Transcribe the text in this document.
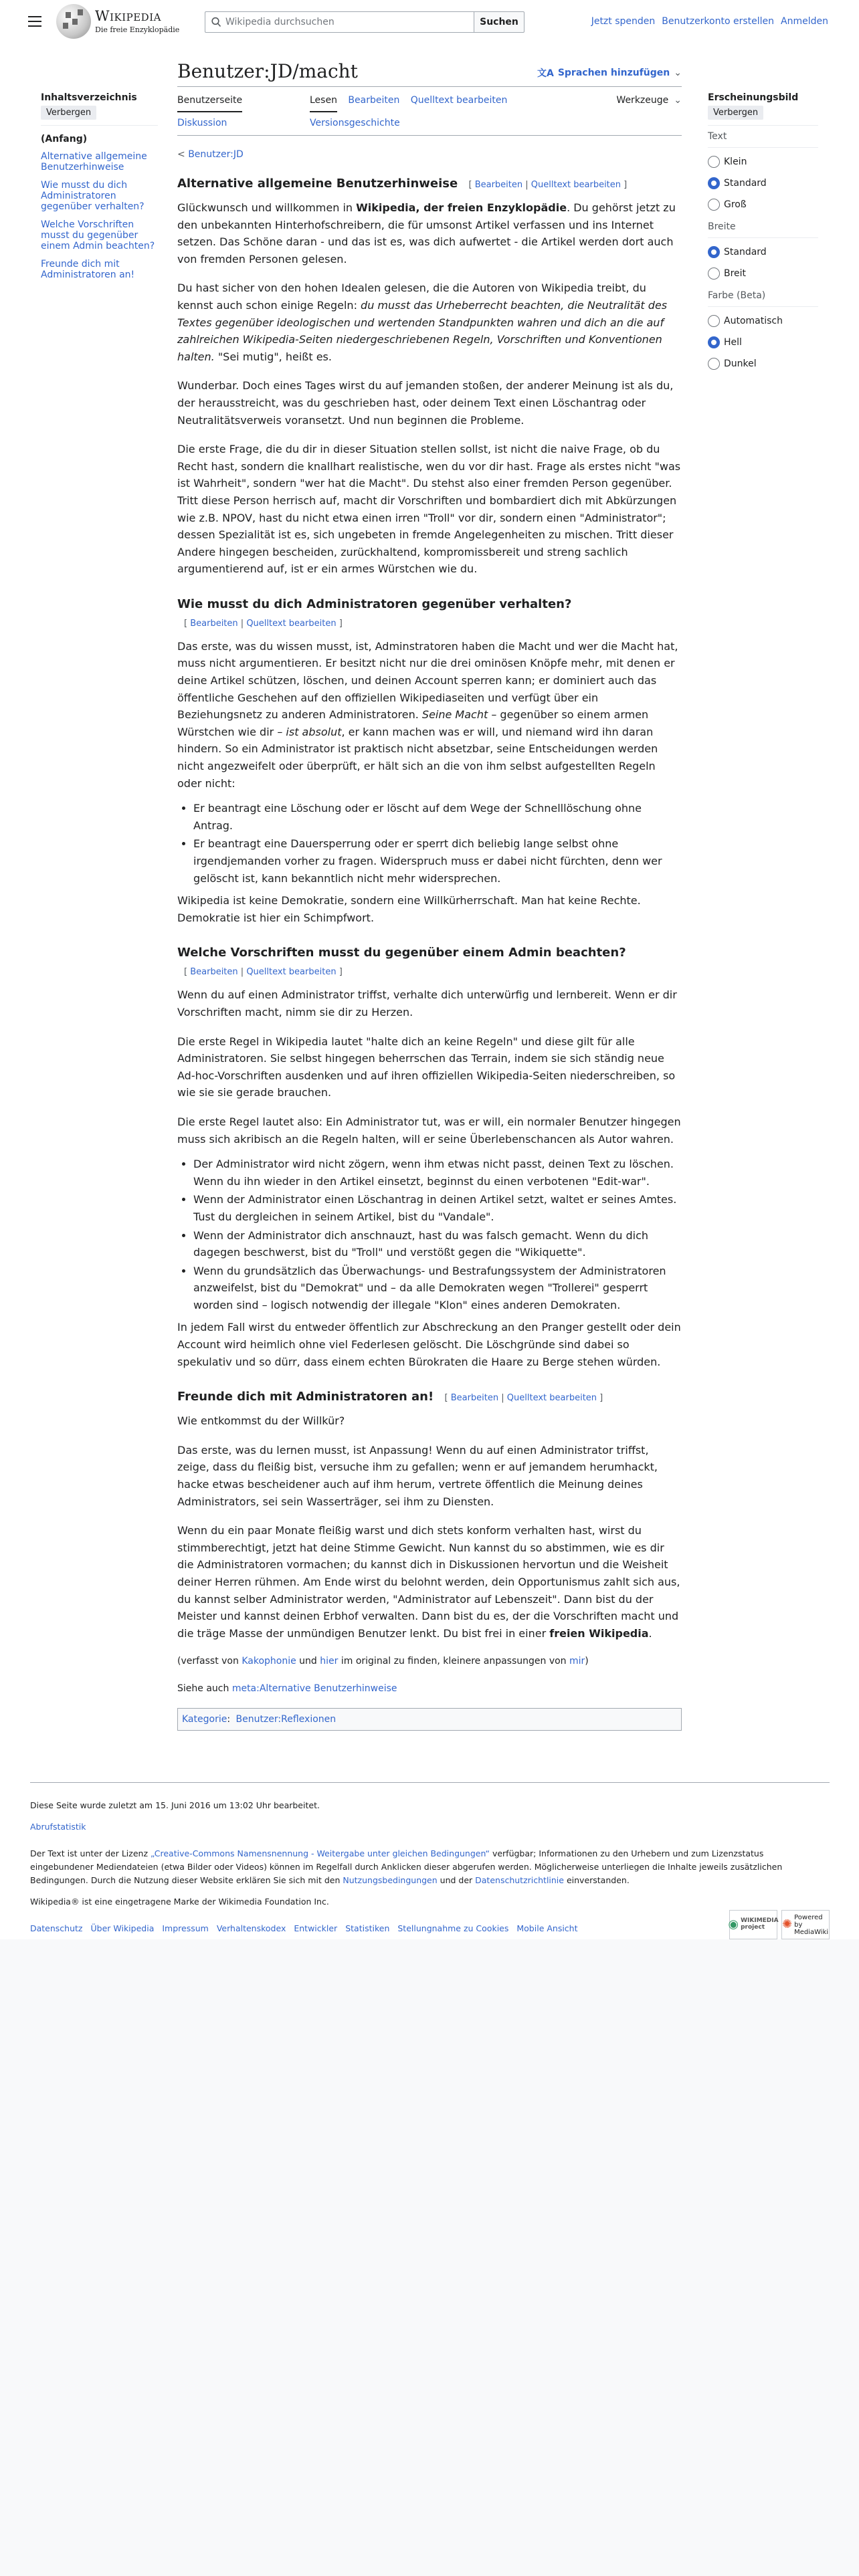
Wikipedia
Die freie Enzyklopädie
Wikipedia durchsuchen	Suchen	Jetzt spenden Benutzerkonto erstellen Anmelden
Inhaltsverzeichnis
Verbergen
(Anfang)
Alternative allgemeine Benutzerhinweise
Wie musst du dich Administratoren gegenüber verhalten?
Welche Vorschriften musst du gegenüber einem Admin beachten?
Freunde dich mit Administratoren an!
Erscheinungsbild
Verbergen
Text
Klein
Standard
Groß
Breite
Standard
Breit
Farbe (Beta)
Automatisch
Hell
Dunkel
Benutzer:JD/macht	文A Sprachen hinzufügen ⌄
Benutzerseite	Lesen Bearbeiten Quelltext bearbeiten	Werkzeuge ⌄
Diskussion	Versionsgeschichte
< Benutzer:JD
Alternative allgemeine Benutzerhinweise [ Bearbeiten | Quelltext bearbeiten ]

Glückwunsch und willkommen in Wikipedia, der freien Enzyklopädie. Du gehörst jetzt zu den unbekannten Hinterhofschreibern, die für umsonst Artikel verfassen und ins Internet setzen. Das Schöne daran - und das ist es, was dich aufwertet - die Artikel werden dort auch von fremden Personen gelesen.

Du hast sicher von den hohen Idealen gelesen, die die Autoren von Wikipedia treibt, du kennst auch schon einige Regeln: du musst das Urheberrecht beachten, die Neutralität des Textes gegenüber ideologischen und wertenden Standpunkten wahren und dich an die auf zahlreichen Wikipedia-Seiten niedergeschriebenen Regeln, Vorschriften und Konventionen halten. "Sei mutig", heißt es.

Wunderbar. Doch eines Tages wirst du auf jemanden stoßen, der anderer Meinung ist als du, der herausstreicht, was du geschrieben hast, oder deinem Text einen Löschantrag oder Neutralitätsverweis voransetzt. Und nun beginnen die Probleme.

Die erste Frage, die du dir in dieser Situation stellen sollst, ist nicht die naive Frage, ob du Recht hast, sondern die knallhart realistische, wen du vor dir hast. Frage als erstes nicht "was ist Wahrheit", sondern "wer hat die Macht". Du stehst also einer fremden Person gegenüber. Tritt diese Person herrisch auf, macht dir Vorschriften und bombardiert dich mit Abkürzungen wie z.B. NPOV, hast du nicht etwa einen irren "Troll" vor dir, sondern einen "Administrator"; dessen Spezialität ist es, sich ungebeten in fremde Angelegenheiten zu mischen. Tritt dieser Andere hingegen bescheiden, zurückhaltend, kompromissbereit und streng sachlich argumentierend auf, ist er ein armes Würstchen wie du.

Wie musst du dich Administratoren gegenüber verhalten? [ Bearbeiten | Quelltext bearbeiten ]

Das erste, was du wissen musst, ist, Adminstratoren haben die Macht und wer die Macht hat, muss nicht argumentieren. Er besitzt nicht nur die drei ominösen Knöpfe mehr, mit denen er deine Artikel schützen, löschen, und deinen Account sperren kann; er dominiert auch das öffentliche Geschehen auf den offiziellen Wikipediaseiten und verfügt über ein Beziehungsnetz zu anderen Administratoren. Seine Macht – gegenüber so einem armen Würstchen wie dir – ist absolut, er kann machen was er will, und niemand wird ihn daran hindern. So ein Administrator ist praktisch nicht absetzbar, seine Entscheidungen werden nicht angezweifelt oder überprüft, er hält sich an die von ihm selbst aufgestellten Regeln oder nicht:

• Er beantragt eine Löschung oder er löscht auf dem Wege der Schnelllöschung ohne Antrag.
• Er beantragt eine Dauersperrung oder er sperrt dich beliebig lange selbst ohne irgendjemanden vorher zu fragen. Widerspruch muss er dabei nicht fürchten, denn wer gelöscht ist, kann bekanntlich nicht mehr widersprechen.

Wikipedia ist keine Demokratie, sondern eine Willkürherrschaft. Man hat keine Rechte. Demokratie ist hier ein Schimpfwort.

Welche Vorschriften musst du gegenüber einem Admin beachten? [ Bearbeiten | Quelltext bearbeiten ]

Wenn du auf einen Administrator triffst, verhalte dich unterwürfig und lernbereit. Wenn er dir Vorschriften macht, nimm sie dir zu Herzen.

Die erste Regel in Wikipedia lautet "halte dich an keine Regeln" und diese gilt für alle Administratoren. Sie selbst hingegen beherrschen das Terrain, indem sie sich ständig neue Ad-hoc-Vorschriften ausdenken und auf ihren offiziellen Wikipedia-Seiten niederschreiben, so wie sie sie gerade brauchen.

Die erste Regel lautet also: Ein Administrator tut, was er will, ein normaler Benutzer hingegen muss sich akribisch an die Regeln halten, will er seine Überlebenschancen als Autor wahren.

• Der Administrator wird nicht zögern, wenn ihm etwas nicht passt, deinen Text zu löschen. Wenn du ihn wieder in den Artikel einsetzt, beginnst du einen verbotenen "Edit-war".
• Wenn der Administrator einen Löschantrag in deinen Artikel setzt, waltet er seines Amtes. Tust du dergleichen in seinem Artikel, bist du "Vandale".
• Wenn der Administrator dich anschnauzt, hast du was falsch gemacht. Wenn du dich dagegen beschwerst, bist du "Troll" und verstößt gegen die "Wikiquette".
• Wenn du grundsätzlich das Überwachungs- und Bestrafungssystem der Administratoren anzweifelst, bist du "Demokrat" und – da alle Demokraten wegen "Trollerei" gesperrt worden sind – logisch notwendig der illegale "Klon" eines anderen Demokraten.

In jedem Fall wirst du entweder öffentlich zur Abschreckung an den Pranger gestellt oder dein Account wird heimlich ohne viel Federlesen gelöscht. Die Löschgründe sind dabei so spekulativ und so dürr, dass einem echten Bürokraten die Haare zu Berge stehen würden.

Freunde dich mit Administratoren an! [ Bearbeiten | Quelltext bearbeiten ]

Wie entkommst du der Willkür?

Das erste, was du lernen musst, ist Anpassung! Wenn du auf einen Administrator triffst, zeige, dass du fleißig bist, versuche ihm zu gefallen; wenn er auf jemandem herumhackt, hacke etwas bescheidener auch auf ihm herum, vertrete öffentlich die Meinung deines Administrators, sei sein Wasserträger, sei ihm zu Diensten.

Wenn du ein paar Monate fleißig warst und dich stets konform verhalten hast, wirst du stimmberechtigt, jetzt hat deine Stimme Gewicht. Nun kannst du so abstimmen, wie es dir die Administratoren vormachen; du kannst dich in Diskussionen hervortun und die Weisheit deiner Herren rühmen. Am Ende wirst du belohnt werden, dein Opportunismus zahlt sich aus, du kannst selber Administrator werden, "Administrator auf Lebenszeit". Dann bist du der Meister und kannst deinen Erbhof verwalten. Dann bist du es, der die Vorschriften macht und die träge Masse der unmündigen Benutzer lenkt. Du bist frei in einer freien Wikipedia.

(verfasst von Kakophonie und hier im original zu finden, kleinere anpassungen von mir)

Siehe auch meta:Alternative Benutzerhinweise

Kategorie: Benutzer:Reflexionen

Diese Seite wurde zuletzt am 15. Juni 2016 um 13:02 Uhr bearbeitet.

Abrufstatistik

Der Text ist unter der Lizenz „Creative-Commons Namensnennung - Weitergabe unter gleichen Bedingungen“ verfügbar; Informationen zu den Urhebern und zum Lizenzstatus eingebundener Mediendateien (etwa Bilder oder Videos) können im Regelfall durch Anklicken dieser abgerufen werden. Möglicherweise unterliegen die Inhalte jeweils zusätzlichen Bedingungen. Durch die Nutzung dieser Website erklären Sie sich mit den Nutzungsbedingungen und der Datenschutzrichtlinie einverstanden.

Wikipedia® ist eine eingetragene Marke der Wikimedia Foundation Inc.

Datenschutz Über Wikipedia Impressum Verhaltenskodex Entwickler Statistiken Stellungnahme zu Cookies Mobile Ansicht	◉ WIKIMEDIA project	✺
Powered by MediaWiki
